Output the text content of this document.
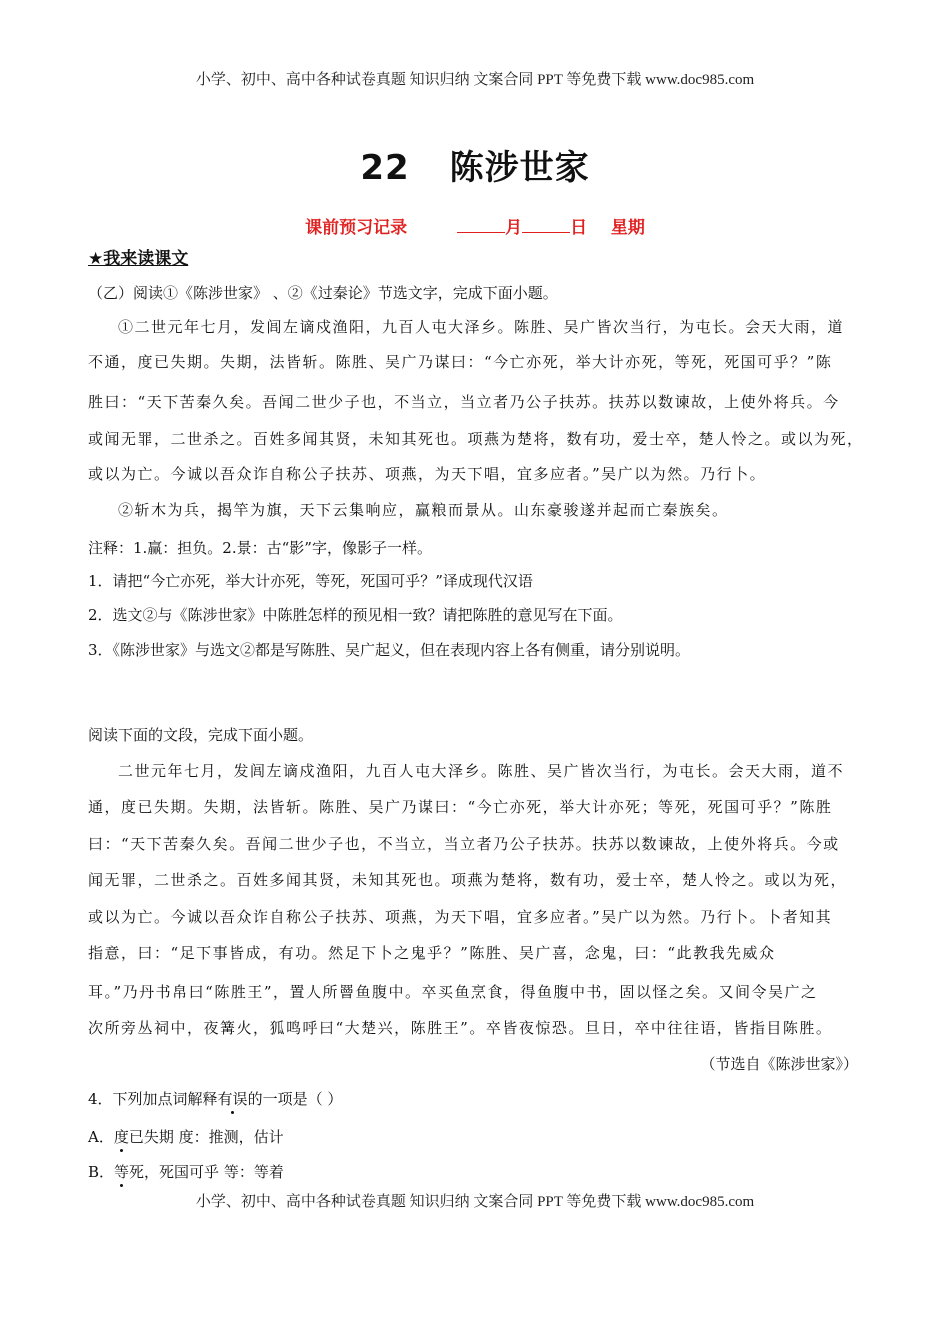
小学、初中、高中各种试卷真题 知识归纳 文案合同 PPT 等免费下载 www.doc985.com
22 陈涉世家
课前预习记录	月	日 星期
★我来读课文
（乙）阅读①《陈涉世家》 、②《过秦论》节选文字，完成下面小题。
①二世元年七月，发闾左谪戍渔阳，九百人屯大泽乡。陈胜、吴广皆次当行，为屯长。会天大雨，道
不通，度已失期。失期，法皆斩。陈胜、吴广乃谋曰：“今亡亦死，举大计亦死，等死，死国可乎？”陈
胜曰：“天下苦秦久矣。吾闻二世少子也，不当立，当立者乃公子扶苏。扶苏以数谏故，上使外将兵。今
或闻无罪，二世杀之。百姓多闻其贤，未知其死也。项燕为楚将，数有功，爱士卒，楚人怜之。或以为死，
或以为亡。今诚以吾众诈自称公子扶苏、项燕，为天下唱，宜多应者。”吴广以为然。乃行卜。
②斩木为兵，揭竿为旗，天下云集响应，赢粮而景从。山东豪骏遂并起而亡秦族矣。
注释：1.赢：担负。2.景：古“影”字，像影子一样。
1．请把“今亡亦死，举大计亦死，等死，死国可乎？”译成现代汉语
2．选文②与《陈涉世家》中陈胜怎样的预见相一致？请把陈胜的意见写在下面。
3．《陈涉世家》与选文②都是写陈胜、吴广起义，但在表现内容上各有侧重，请分别说明。
阅读下面的文段，完成下面小题。
二世元年七月，发闾左谪戍渔阳，九百人屯大泽乡。陈胜、吴广皆次当行，为屯长。会天大雨，道不
通，度已失期。失期，法皆斩。陈胜、吴广乃谋曰：“今亡亦死，举大计亦死；等死，死国可乎？”陈胜
曰：“天下苦秦久矣。吾闻二世少子也，不当立，当立者乃公子扶苏。扶苏以数谏故，上使外将兵。今或
闻无罪，二世杀之。百姓多闻其贤，未知其死也。项燕为楚将，数有功，爱士卒，楚人怜之。或以为死，
或以为亡。今诚以吾众诈自称公子扶苏、项燕，为天下唱，宜多应者。”吴广以为然。乃行卜。卜者知其
指意，曰：“足下事皆成，有功。然足下卜之鬼乎？”陈胜、吴广喜，念鬼，曰：“此教我先威众
耳。”乃丹书帛曰“陈胜王”，置人所罾鱼腹中。卒买鱼烹食，得鱼腹中书，固以怪之矣。又间令吴广之
次所旁丛祠中，夜篝火，狐鸣呼曰“大楚兴，陈胜王”。卒皆夜惊恐。旦日，卒中往往语，皆指目陈胜。
（节选自《陈涉世家》）
4．下列加点词解释有误的一项是（ ）
A．度已失期 度：推测，估计
B．等死，死国可乎 等：等着
小学、初中、高中各种试卷真题 知识归纳 文案合同 PPT 等免费下载 www.doc985.com
